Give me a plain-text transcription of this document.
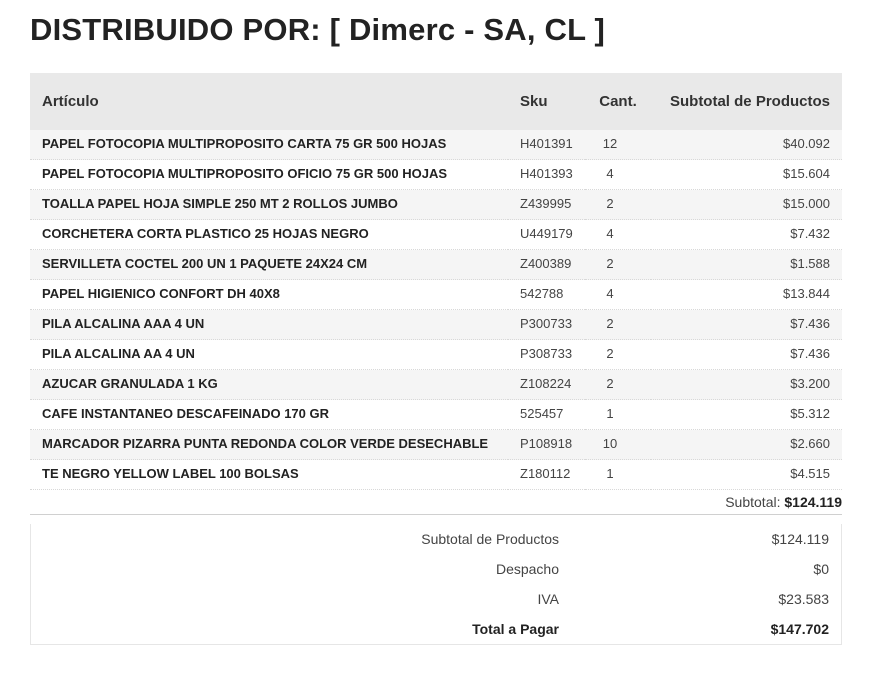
DISTRIBUIDO POR: [ Dimerc - SA, CL ]
Artículo	Sku	Cant.	Subtotal de Productos
PAPEL FOTOCOPIA MULTIPROPOSITO CARTA 75 GR 500 HOJAS	H401391	12	$40.092
PAPEL FOTOCOPIA MULTIPROPOSITO OFICIO 75 GR 500 HOJAS	H401393	4	$15.604
TOALLA PAPEL HOJA SIMPLE 250 MT 2 ROLLOS JUMBO	Z439995	2	$15.000
CORCHETERA CORTA PLASTICO 25 HOJAS NEGRO	U449179	4	$7.432
SERVILLETA COCTEL 200 UN 1 PAQUETE 24X24 CM	Z400389	2	$1.588
PAPEL HIGIENICO CONFORT DH 40X8	542788	4	$13.844
PILA ALCALINA AAA 4 UN	P300733	2	$7.436
PILA ALCALINA AA 4 UN	P308733	2	$7.436
AZUCAR GRANULADA 1 KG	Z108224	2	$3.200
CAFE INSTANTANEO DESCAFEINADO 170 GR	525457	1	$5.312
MARCADOR PIZARRA PUNTA REDONDA COLOR VERDE DESECHABLE	P108918	10	$2.660
TE NEGRO YELLOW LABEL 100 BOLSAS	Z180112	1	$4.515
Subtotal: $124.119			
Subtotal de Productos	$124.119
Despacho	$0
IVA	$23.583
Total a Pagar	$147.702
